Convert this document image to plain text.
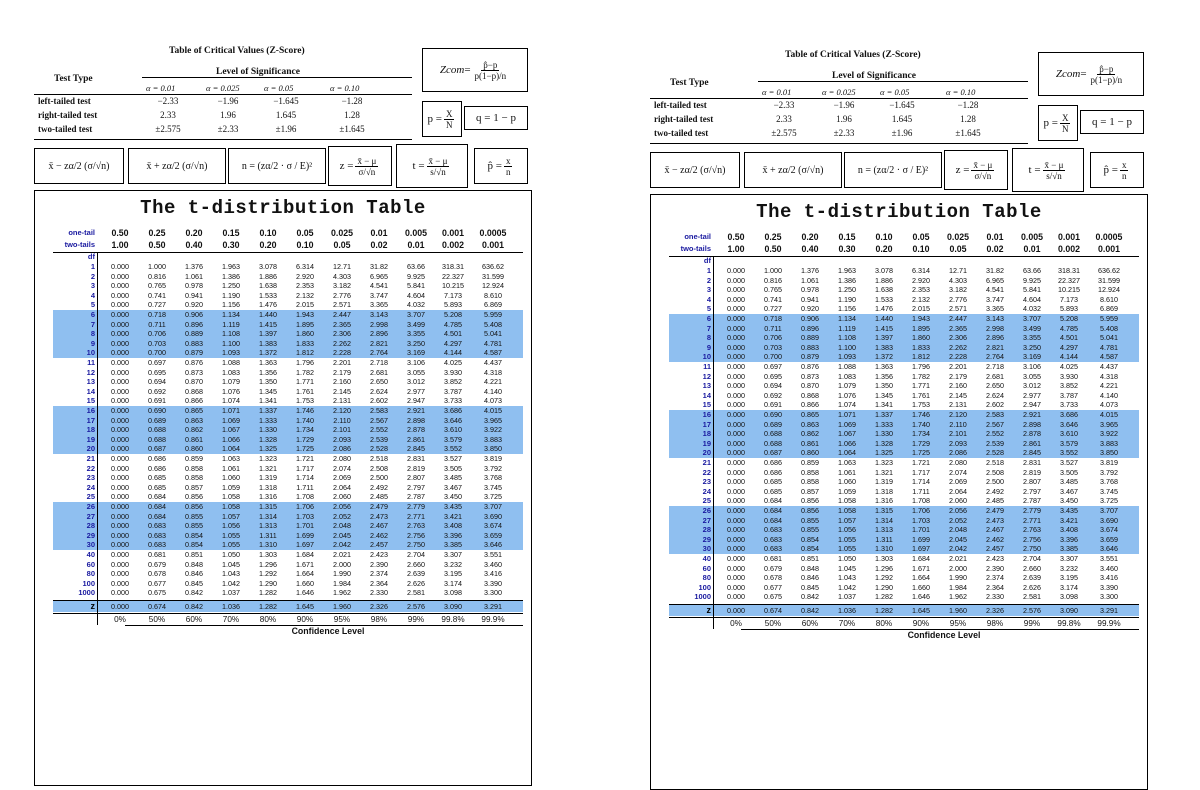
Table of Critical Values (Z-Score)
Test Type
Level of Significance
α = 0.01	α = 0.025	α = 0.05	α = 0.10
left-tailed test	−2.33	−1.96	−1.645	−1.28
right-tailed test	2.33	1.96	1.645	1.28
two-tailed test	±2.575	±2.33	±1.96	±1.645
Zcom = $\frac{p̂-p}{p(1-p)/n}$
$p = \frac{X}{N}$ q = 1 − p
x̄ − zα/2 (σ/√n)	x̄ + zα/2 (σ/√n)	n = (zα/2 · σ / E)² $z = \frac{x̄ - \mu}{\sigma/√n}$	$t = \frac{x̄ - \mu}{s/√n}$	p̂ = $\frac{x}{n}$
The t-distribution Table
one-tail	0.50	0.25	0.20	0.15	0.10	0.05	0.025	0.01	0.005	0.001	0.0005
two-tails	1.00	0.50	0.40	0.30	0.20	0.10	0.05	0.02	0.01	0.002	0.001
df
1	0.000	1.000	1.376	1.963	3.078	6.314	12.71	31.82	63.66	318.31	636.62
2	0.000	0.816	1.061	1.386	1.886	2.920	4.303	6.965	9.925	22.327	31.599
3	0.000	0.765	0.978	1.250	1.638	2.353	3.182	4.541	5.841	10.215	12.924
4	0.000	0.741	0.941	1.190	1.533	2.132	2.776	3.747	4.604	7.173	8.610
5	0.000	0.727	0.920	1.156	1.476	2.015	2.571	3.365	4.032	5.893	6.869
6	0.000	0.718	0.906	1.134	1.440	1.943	2.447	3.143	3.707	5.208	5.959
7	0.000	0.711	0.896	1.119	1.415	1.895	2.365	2.998	3.499	4.785	5.408
8	0.000	0.706	0.889	1.108	1.397	1.860	2.306	2.896	3.355	4.501	5.041
9	0.000	0.703	0.883	1.100	1.383	1.833	2.262	2.821	3.250	4.297	4.781
10	0.000	0.700	0.879	1.093	1.372	1.812	2.228	2.764	3.169	4.144	4.587
11	0.000	0.697	0.876	1.088	1.363	1.796	2.201	2.718	3.106	4.025	4.437
12	0.000	0.695	0.873	1.083	1.356	1.782	2.179	2.681	3.055	3.930	4.318
13	0.000	0.694	0.870	1.079	1.350	1.771	2.160	2.650	3.012	3.852	4.221
14	0.000	0.692	0.868	1.076	1.345	1.761	2.145	2.624	2.977	3.787	4.140
15	0.000	0.691	0.866	1.074	1.341	1.753	2.131	2.602	2.947	3.733	4.073
16	0.000	0.690	0.865	1.071	1.337	1.746	2.120	2.583	2.921	3.686	4.015
17	0.000	0.689	0.863	1.069	1.333	1.740	2.110	2.567	2.898	3.646	3.965
18	0.000	0.688	0.862	1.067	1.330	1.734	2.101	2.552	2.878	3.610	3.922
19	0.000	0.688	0.861	1.066	1.328	1.729	2.093	2.539	2.861	3.579	3.883
20	0.000	0.687	0.860	1.064	1.325	1.725	2.086	2.528	2.845	3.552	3.850
21	0.000	0.686	0.859	1.063	1.323	1.721	2.080	2.518	2.831	3.527	3.819
22	0.000	0.686	0.858	1.061	1.321	1.717	2.074	2.508	2.819	3.505	3.792
23	0.000	0.685	0.858	1.060	1.319	1.714	2.069	2.500	2.807	3.485	3.768
24	0.000	0.685	0.857	1.059	1.318	1.711	2.064	2.492	2.797	3.467	3.745
25	0.000	0.684	0.856	1.058	1.316	1.708	2.060	2.485	2.787	3.450	3.725
26	0.000	0.684	0.856	1.058	1.315	1.706	2.056	2.479	2.779	3.435	3.707
27	0.000	0.684	0.855	1.057	1.314	1.703	2.052	2.473	2.771	3.421	3.690
28	0.000	0.683	0.855	1.056	1.313	1.701	2.048	2.467	2.763	3.408	3.674
29	0.000	0.683	0.854	1.055	1.311	1.699	2.045	2.462	2.756	3.396	3.659
30	0.000	0.683	0.854	1.055	1.310	1.697	2.042	2.457	2.750	3.385	3.646
40	0.000	0.681	0.851	1.050	1.303	1.684	2.021	2.423	2.704	3.307	3.551
60	0.000	0.679	0.848	1.045	1.296	1.671	2.000	2.390	2.660	3.232	3.460
80	0.000	0.678	0.846	1.043	1.292	1.664	1.990	2.374	2.639	3.195	3.416
100	0.000	0.677	0.845	1.042	1.290	1.660	1.984	2.364	2.626	3.174	3.390
1000	0.000	0.675	0.842	1.037	1.282	1.646	1.962	2.330	2.581	3.098	3.300
z	0.000	0.674	0.842	1.036	1.282	1.645	1.960	2.326	2.576	3.090	3.291
0%	50%	60%	70%	80%	90%	95%	98%	99%	99.8%	99.9%
Confidence Level
Table of Critical Values (Z-Score)
Test Type
Level of Significance
α = 0.01	α = 0.025	α = 0.05	α = 0.10
left-tailed test	−2.33	−1.96	−1.645	−1.28
right-tailed test	2.33	1.96	1.645	1.28
two-tailed test	±2.575	±2.33	±1.96	±1.645
Zcom = $\frac{p̂-p}{p(1-p)/n}$
$p = \frac{X}{N}$ q = 1 − p
x̄ − zα/2 (σ/√n)	x̄ + zα/2 (σ/√n)	n = (zα/2 · σ / E)² $z = \frac{x̄ - \mu}{\sigma/√n}$	$t = \frac{x̄ - \mu}{s/√n}$	p̂ = $\frac{x}{n}$
The t-distribution Table
one-tail	0.50	0.25	0.20	0.15	0.10	0.05	0.025	0.01	0.005	0.001	0.0005
two-tails	1.00	0.50	0.40	0.30	0.20	0.10	0.05	0.02	0.01	0.002	0.001
df
1	0.000	1.000	1.376	1.963	3.078	6.314	12.71	31.82	63.66	318.31	636.62
2	0.000	0.816	1.061	1.386	1.886	2.920	4.303	6.965	9.925	22.327	31.599
3	0.000	0.765	0.978	1.250	1.638	2.353	3.182	4.541	5.841	10.215	12.924
4	0.000	0.741	0.941	1.190	1.533	2.132	2.776	3.747	4.604	7.173	8.610
5	0.000	0.727	0.920	1.156	1.476	2.015	2.571	3.365	4.032	5.893	6.869
6	0.000	0.718	0.906	1.134	1.440	1.943	2.447	3.143	3.707	5.208	5.959
7	0.000	0.711	0.896	1.119	1.415	1.895	2.365	2.998	3.499	4.785	5.408
8	0.000	0.706	0.889	1.108	1.397	1.860	2.306	2.896	3.355	4.501	5.041
9	0.000	0.703	0.883	1.100	1.383	1.833	2.262	2.821	3.250	4.297	4.781
10	0.000	0.700	0.879	1.093	1.372	1.812	2.228	2.764	3.169	4.144	4.587
11	0.000	0.697	0.876	1.088	1.363	1.796	2.201	2.718	3.106	4.025	4.437
12	0.000	0.695	0.873	1.083	1.356	1.782	2.179	2.681	3.055	3.930	4.318
13	0.000	0.694	0.870	1.079	1.350	1.771	2.160	2.650	3.012	3.852	4.221
14	0.000	0.692	0.868	1.076	1.345	1.761	2.145	2.624	2.977	3.787	4.140
15	0.000	0.691	0.866	1.074	1.341	1.753	2.131	2.602	2.947	3.733	4.073
16	0.000	0.690	0.865	1.071	1.337	1.746	2.120	2.583	2.921	3.686	4.015
17	0.000	0.689	0.863	1.069	1.333	1.740	2.110	2.567	2.898	3.646	3.965
18	0.000	0.688	0.862	1.067	1.330	1.734	2.101	2.552	2.878	3.610	3.922
19	0.000	0.688	0.861	1.066	1.328	1.729	2.093	2.539	2.861	3.579	3.883
20	0.000	0.687	0.860	1.064	1.325	1.725	2.086	2.528	2.845	3.552	3.850
21	0.000	0.686	0.859	1.063	1.323	1.721	2.080	2.518	2.831	3.527	3.819
22	0.000	0.686	0.858	1.061	1.321	1.717	2.074	2.508	2.819	3.505	3.792
23	0.000	0.685	0.858	1.060	1.319	1.714	2.069	2.500	2.807	3.485	3.768
24	0.000	0.685	0.857	1.059	1.318	1.711	2.064	2.492	2.797	3.467	3.745
25	0.000	0.684	0.856	1.058	1.316	1.708	2.060	2.485	2.787	3.450	3.725
26	0.000	0.684	0.856	1.058	1.315	1.706	2.056	2.479	2.779	3.435	3.707
27	0.000	0.684	0.855	1.057	1.314	1.703	2.052	2.473	2.771	3.421	3.690
28	0.000	0.683	0.855	1.056	1.313	1.701	2.048	2.467	2.763	3.408	3.674
29	0.000	0.683	0.854	1.055	1.311	1.699	2.045	2.462	2.756	3.396	3.659
30	0.000	0.683	0.854	1.055	1.310	1.697	2.042	2.457	2.750	3.385	3.646
40	0.000	0.681	0.851	1.050	1.303	1.684	2.021	2.423	2.704	3.307	3.551
60	0.000	0.679	0.848	1.045	1.296	1.671	2.000	2.390	2.660	3.232	3.460
80	0.000	0.678	0.846	1.043	1.292	1.664	1.990	2.374	2.639	3.195	3.416
100	0.000	0.677	0.845	1.042	1.290	1.660	1.984	2.364	2.626	3.174	3.390
1000	0.000	0.675	0.842	1.037	1.282	1.646	1.962	2.330	2.581	3.098	3.300
z	0.000	0.674	0.842	1.036	1.282	1.645	1.960	2.326	2.576	3.090	3.291
0%	50%	60%	70%	80%	90%	95%	98%	99%	99.8%	99.9%
Confidence Level
